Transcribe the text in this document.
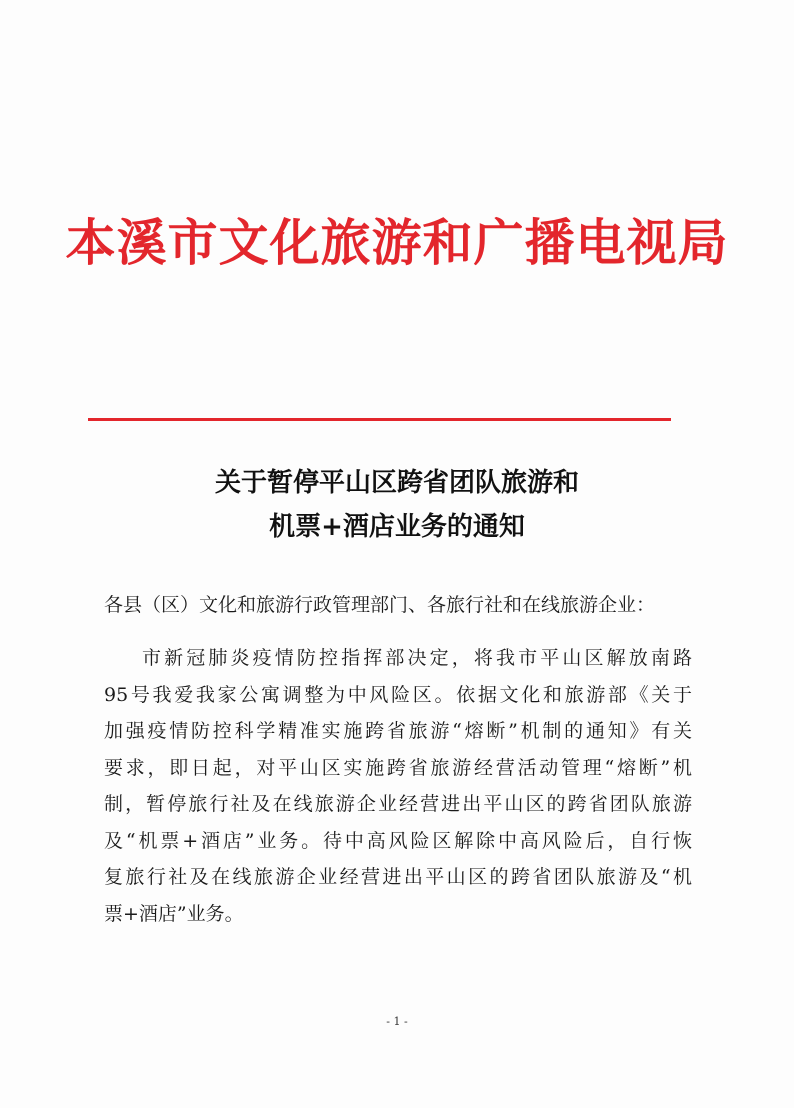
本溪市文化旅游和广播电视局
关于暂停平山区跨省团队旅游和
机票+酒店业务的通知
各县（区）文化和旅游行政管理部门、各旅行社和在线旅游企业：
市新冠肺炎疫情防控指挥部决定，将我市平山区解放南路
95号我爱我家公寓调整为中风险区。依据文化和旅游部《关于
加强疫情防控科学精准实施跨省旅游“熔断”机制的通知》有关
要求，即日起，对平山区实施跨省旅游经营活动管理“熔断”机
制，暂停旅行社及在线旅游企业经营进出平山区的跨省团队旅游
及“机票+酒店”业务。待中高风险区解除中高风险后，自行恢
复旅行社及在线旅游企业经营进出平山区的跨省团队旅游及“机
票+酒店”业务。
- 1 -
